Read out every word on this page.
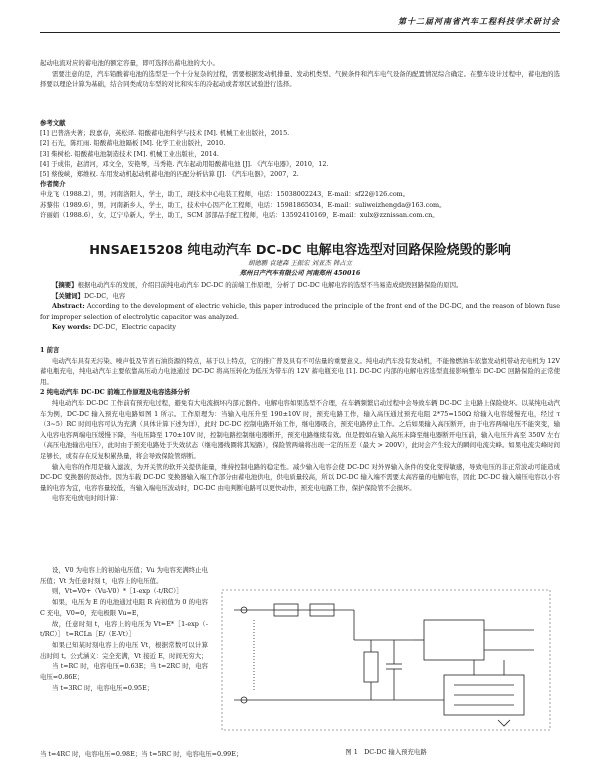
第十二届河南省汽车工程科技学术研讨会

起动电流对应的蓄电池的额定容量，即可选择出蓄电池的大小。

需要注意的是，汽车铅酸蓄电池的选型是一个十分复杂的过程，需要根据发动机排量、发动机类型、气候条件和汽车电气设备的配置情况综合确定。在整车设计过程中，蓄电池的选择要以理论计算为基础，结合同类成功车型的对比和实车的冷起动或者寒区试验进行选择。

参考文献
[1] 巴普洛夫著；段嘉春，英松译. 铅酸蓄电池科学与技术 [M]. 机械工业出版社，2015.
[2] 石光，陈红雨. 铅酸蓄电池隔板 [M]. 化学工业出版社，2010.
[3] 柴树松. 铅酸蓄电池制造技术 [M]. 机械工业出版社，2014.
[4] 于成伟，赵清河，邓文全，安艳琴，马秀艳. 汽车起动用铅酸蓄电池 [J]. 《汽车电器》，2010，12.
[5] 蔡俊峡，郑维权. 车用发动机起动机蓄电池的匹配分析估算 [J]. 《汽车电器》，2007，2.
作者简介
申龙飞（1988.2），男，河南洛阳人，学士，助工，现技术中心电装工程师，电话：15038002243，E-mail：sf22@126.com。
苏黎伟（1989.6），男，河南新乡人，学士，助工，技术中心因产化工程师，电话：15981865034，E-mail：suliweizhengda@163.com。
许丽娟（1988.6），女，辽宁阜新人，学士，助工，SCM 部部品手配工程师，电话：13592410169，E-mail：xulx@zznissan.com.cn。
HNSAE15208 纯电动汽车 DC-DC 电解电容选型对回路保险烧毁的影响
胡德鹏 袁建森 王振宏 刘亚杰 韩占立
郑州日产汽车有限公司 河南郑州 450016

【摘要】根据电动汽车的发展，介绍目前纯电动汽车 DC-DC 的前端工作原理，分析了 DC-DC 电解电容的选型不当易造成烧毁回路保险的原因。

【关键词】DC-DC，电容

Abstract: According to the development of electric vehicle, this paper introduced the principle of the front end of the DC-DC, and the reason of blown fuse for improper selection of electrolytic capacitor was analyzed.

Key words: DC-DC，Electric capacity

1 前言

电动汽车具有无污染、噪声低及节省石油资源的特点，基于以上特点，它的推广普及具有不可估量的重要意义。纯电动汽车没有发动机，不能像燃油车依靠发动机带动充电机为 12V 蓄电瓶充电，纯电动汽车主要依靠高压动力电池通过 DC-DC 将高压转化为低压为带车的 12V 蓄电瓶充电 [1]. DC-DC 内部的电解电容选型直接影响整车 DC-DC 回路保险的正常使用。

2 纯电动汽车 DC-DC 前端工作原理及电容选择分析

纯电动汽车 DC-DC 工作前有预充电过程，避免有大电流损坏内部元器件。电解电容如果选型不合理，在车辆频繁启动过程中会导致车辆 DC-DC 主电路上保险烧坏。以某纯电动汽车为例，DC-DC 输入预充电电路如图 1 所示。工作原理为：当输入电压升至 190±10V 时，预充电路工作，输入高压通过预充电阻 2*75=150Ω 给输入电容缓慢充电，经过 τ（3~5）RC 时间电容可认为充满（具体计算下述为详），此时 DC-DC 控制电路开始工作，继电器吸合，预充电路停止工作。之后如果输入高压断开，由于电容两端电压不能突变，输入电容电容两端电压缓慢下降，当电压降至 170±10V 时，控制电路控制继电器断开，预充电路继续有效。但是假如在输入高压未降至继电器断开电压前，输入电压升高至 350V 左右（高压电池输出电压），此时由于预充电路处于失效状态（继电器线圈将其短路），保险管两端将出现一定的压差（最大 > 200V），此时会产生较大的瞬间电流尖峰。如果电流尖峰时间足够长，或有存在反复积累热量，将会导致保险管熔断。

输入电容的作用是输入滤波，为开关管的软开关提供能量，维持控制电路的稳定性。减少输入电容会使 DC-DC 对外界输入条件的变化变得敏感，导致电压的非正常波动可能造成 DC-DC 变换器的误动作。因为车载 DC-DC 变换器输入端工作部分由蓄电池供电，供电质量较高，所以 DC-DC 输入端不需要太高容量的电解电容，因此 DC-DC 输入端压电容以小容量的电容为宜，电容容量较低，当输入端电压波动时，DC-DC 由电判断电路可以更快动作，预充电电路工作，保护保险管不会损坏。

电容充电放电时间计算：

设，V0 为电容上的初始电压值；Vu 为电容充满终止电压值；Vt 为任意时刻 t，电容上的电压值。

则，Vt=V0+（Vu-V0）*［1-exp（-t/RC）］

如果，电压为 E 的电池通过电阻 R 向初值为 0 的电容 C 充电，V0=0，充电极限 Vu=E，

故，任意时刻 t，电容上的电压为 Vt=E*［1-exp（-t/RC）］ t=RCLn［E/（E-Vt）］

如果已知某时刻电容上的电压 Vt，根据常数可以计算出时间 t。公式涵义：完全充满，Vt 接近 E，时间无穷大；

当 t=RC 时，电容电压=0.63E；当 t=2RC 时，电容电压=0.86E；

当 t=3RC 时，电容电压=0.95E；

当 t=4RC 时，电容电压=0.98E；当 t=5RC 时，电容电压=0.99E；	图 1　DC-DC 输入预充电路
